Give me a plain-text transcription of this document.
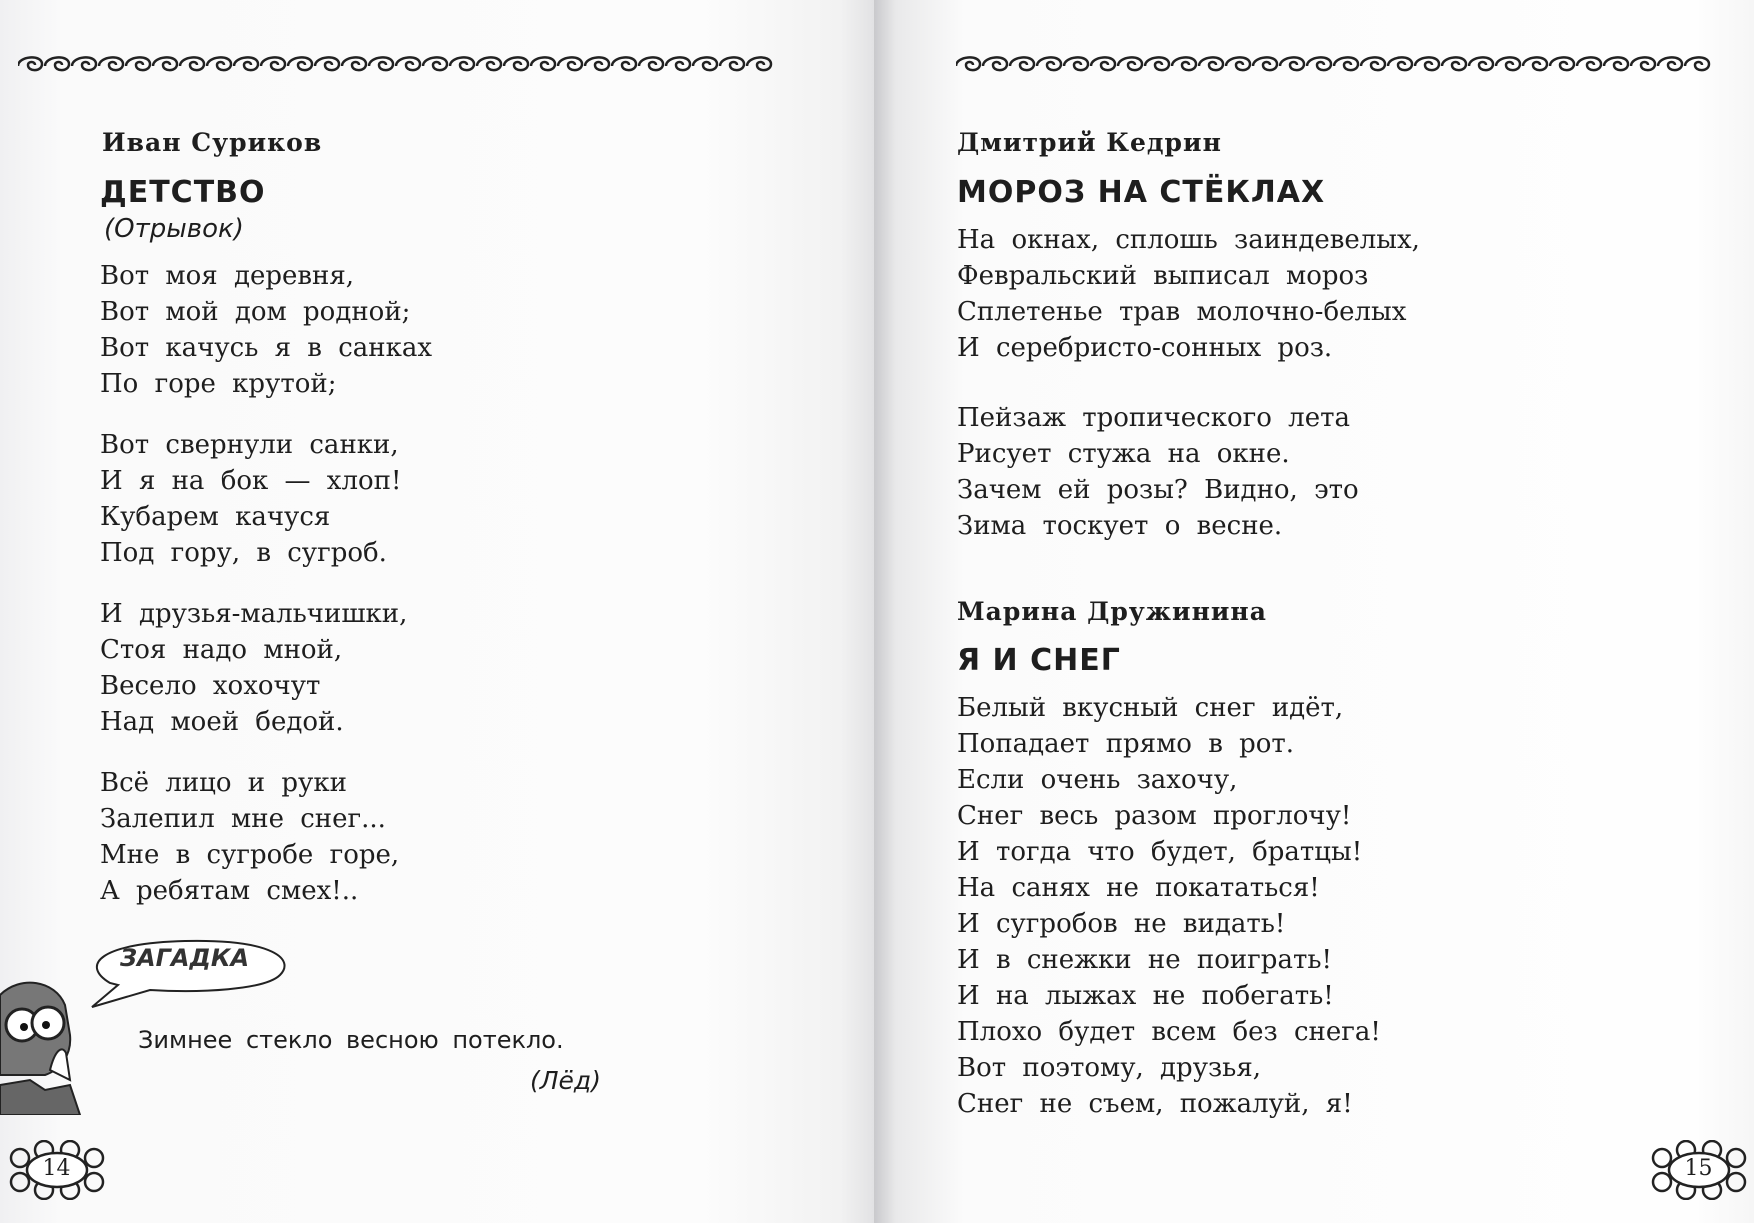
Иван Суриков
ДЕТСТВО
(Отрывок)
Вот моя деревня,
Вот мой дом родной;
Вот качусь я в санках
По горе крутой;
Вот свернули санки,
И я на бок — хлоп!
Кубарем качуся
Под гору, в сугроб.
И друзья-мальчишки,
Стоя надо мной,
Весело хохочут
Над моей бедой.
Всё лицо и руки
Залепил мне снег...
Мне в сугробе горе,
А ребятам смех!..
ЗАГАДКА
Зимнее стекло весною потекло.
(Лёд)
14
Дмитрий Кедрин
МОРОЗ НА СТЁКЛАХ
На окнах, сплошь заиндевелых,
Февральский выписал мороз
Сплетенье трав молочно-белых
И серебристо-сонных роз.
Пейзаж тропического лета
Рисует стужа на окне.
Зачем ей розы? Видно, это
Зима тоскует о весне.
Марина Дружинина
Я И СНЕГ
Белый вкусный снег идёт,
Попадает прямо в рот.
Если очень захочу,
Снег весь разом проглочу!
И тогда что будет, братцы!
На санях не покататься!
И сугробов не видать!
И в снежки не поиграть!
И на лыжах не побегать!
Плохо будет всем без снега!
Вот поэтому, друзья,
Снег не съем, пожалуй, я!
15
